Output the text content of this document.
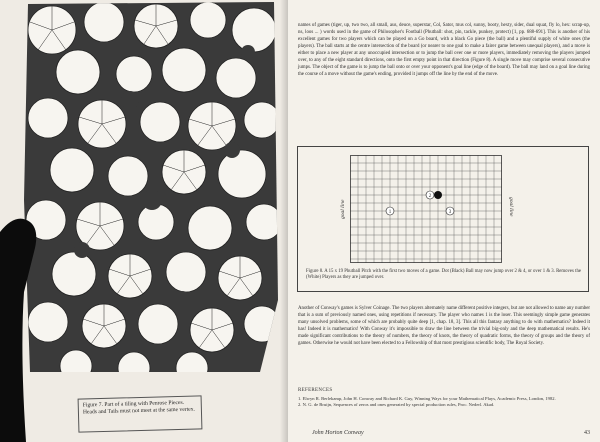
Figure 7. Part of a tiling with Penrose Pieces. Heads and Tails must not meet at the same vertex.
names of games (tiger, up, two two, all small, aus, deuce, superstar, Col, Sator, mus col, sunny, booty, hexty, sider, dual squat, fly lo, hex: scrap-up, ns, loos ... ) words used in the game of Philosopher's Football (Phutball: shot, pin, tackle, punkey, protect) [1, pp. 688-691]. This is another of his excellent games for two players which can be played on a Go board, with a black Go piece (the ball) and a plentiful supply of white ones (the players). The ball starts at the centre intersection of the board (or nearer to one goal to make a fairer game between unequal players), and a move is either to place a new player at any unoccupied intersection or to jump the ball over one or more players, immediately removing the players jumped over, to any of the eight standard directions, onto the first empty point in that direction (Figure 8). A single move may comprise several consecutive jumps. The object of the game is to jump the ball onto or over your opponent's goal line (edge of the board). The ball may land on a goal line during the course of a move without the game's ending, provided it jumps off the line by the end of the move.
goal line	goal line
1
2
3
Figure 8. A 15 x 19 Phutball Pitch with the first two moves of a game. Dot (Black) Ball may now jump over 2 & 4, or over 1 & 3. Removes the (White) Players as they are jumped over.
Another of Conway's games is Sylver Coinage. The two players alternately name different positive integers, but are not allowed to name any number that is a sum of previously named ones, using repetitions if necessary. The player who names 1 is the loser. This seemingly simple game generates many unsolved problems, some of which are probably quite deep [1, chap. 18, 3]. This all this fantasy anything to do with mathematics? Indeed it has! Indeed it is mathematics! With Conway it's impossible to draw the line between the trivial big-only and the deep mathematical results. He's made significant contributions to the theory of numbers, the theory of knots, the theory of quadratic forms, the theory of groups and the theory of games. Otherwise he would not have been elected to a Fellowship of that most prestigious scientific body, The Royal Society.
REFERENCES
1. Elwyn R. Berlekamp, John H. Conway and Richard K. Guy, Winning Ways for your Mathematical Plays, Academic Press, London, 1982.
2. N. G. de Bruijn, Sequences of zeros and ones generated by special production rules, Proc. Nederl. Akad.
John Horton Conway	43
